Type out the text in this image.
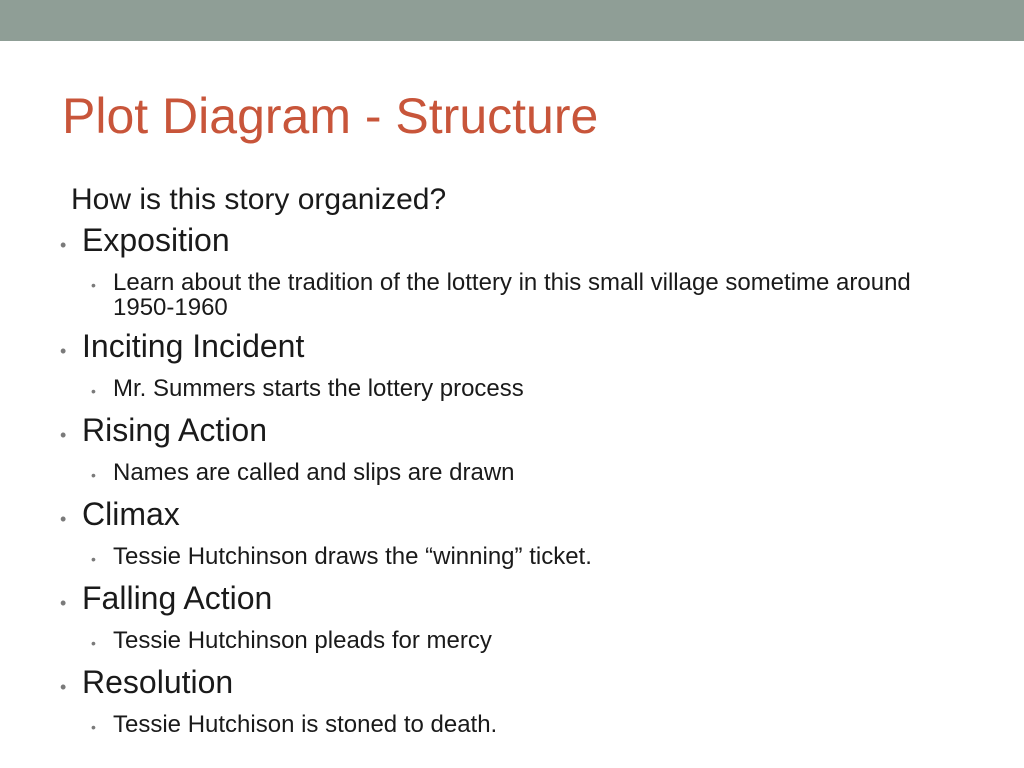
Plot Diagram - Structure

How is this story organized?

• Exposition
• Learn about the tradition of the lottery in this small village sometime around 1950-1960
• Inciting Incident
• Mr. Summers starts the lottery process
• Rising Action
• Names are called and slips are drawn
• Climax
• Tessie Hutchinson draws the “winning” ticket.
• Falling Action
• Tessie Hutchinson pleads for mercy
• Resolution
• Tessie Hutchison is stoned to death.
